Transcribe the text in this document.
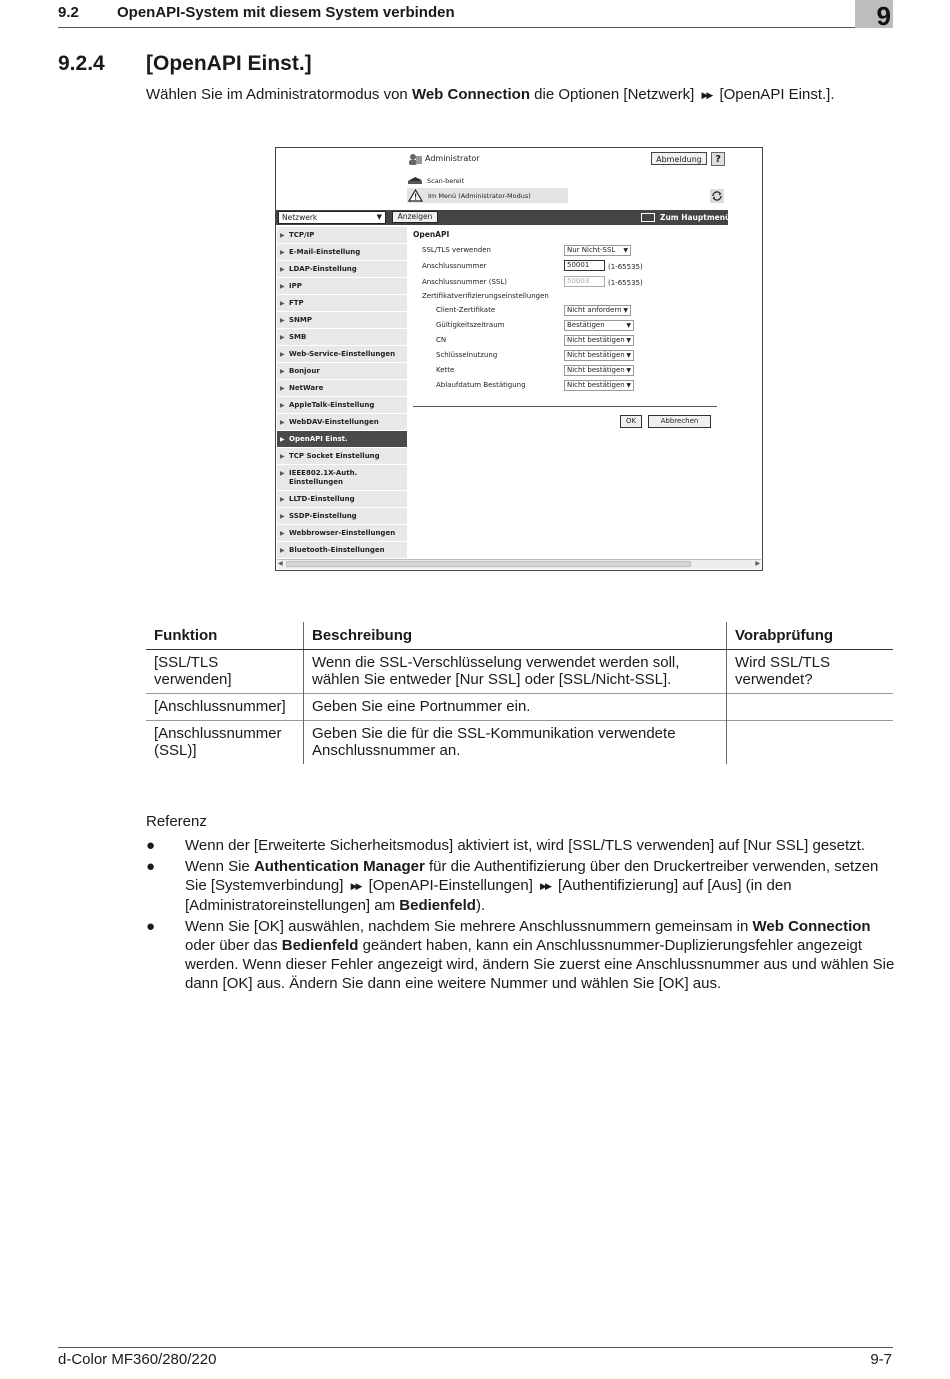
9.2	OpenAPI-System mit diesem System verbinden	9
9.2.4 [OpenAPI Einst.]
Wählen Sie im Administratormodus von Web Connection die Optionen [Netzwerk] ▶▶ [OpenAPI Einst.].
Administrator	Abmeldung	?
Scan-bereit
Im Menü (Administrator-Modus)
Netzwerk	▼	Anzeigen	Zum Hauptmenü
▶ TCP/IP
▶ E-Mail-Einstellung
▶ LDAP-Einstellung
▶ IPP
▶ FTP
▶ SNMP
▶ SMB
▶ Web-Service-Einstellungen
▶ Bonjour
▶ NetWare
▶ AppleTalk-Einstellung
▶ WebDAV-Einstellungen
▶ OpenAPI Einst.
▶ TCP Socket Einstellung
▶ IEEE802.1X-Auth. Einstellungen
▶ LLTD-Einstellung
▶ SSDP-Einstellung
▶ Webbrowser-Einstellungen
▶ Bluetooth-Einstellungen
OpenAPI
SSL/TLS verwenden	Nur Nicht-SSL ▼
Anschlussnummer	50001	(1-65535)
Anschlussnummer (SSL)	50003	(1-65535)
Zertifikatverifizierungseinstellungen
Client-Zertifikate	Nicht anfordern ▼
Gültigkeitszeitraum	Bestätigen	▼
CN	Nicht bestätigen ▼
Schlüsselnutzung	Nicht bestätigen ▼
Kette	Nicht bestätigen ▼
Ablaufdatum Bestätigung	Nicht bestätigen ▼
OK	Abbrechen
◀	▶
Funktion	Beschreibung	Vorabprüfung
[SSL/TLS verwenden]	Wenn die SSL-Verschlüsselung verwendet werden soll, wählen Sie entweder [Nur SSL] oder [SSL/Nicht-SSL].	Wird SSL/TLS verwendet?
[Anschlussnummer]	Geben Sie eine Portnummer ein.	
[Anschlussnummer (SSL)]	Geben Sie die für die SSL-Kommunikation verwendete Anschlussnummer an.	
Referenz
● Wenn der [Erweiterte Sicherheitsmodus] aktiviert ist, wird [SSL/TLS verwenden] auf [Nur SSL] gesetzt.
● Wenn Sie Authentication Manager für die Authentifizierung über den Druckertreiber verwenden, setzen Sie [Systemverbindung] ▶▶ [OpenAPI-Einstellungen] ▶▶ [Authentifizierung] auf [Aus] (in den [Administratoreinstellungen] am Bedienfeld).
● Wenn Sie [OK] auswählen, nachdem Sie mehrere Anschlussnummern gemeinsam in Web Connection oder über das Bedienfeld geändert haben, kann ein Anschlussnummer-Duplizierungsfehler angezeigt werden. Wenn dieser Fehler angezeigt wird, ändern Sie zuerst eine Anschlussnummer aus und wählen Sie dann [OK] aus. Ändern Sie dann eine weitere Nummer und wählen Sie [OK] aus.
d-Color MF360/280/220	9-7
